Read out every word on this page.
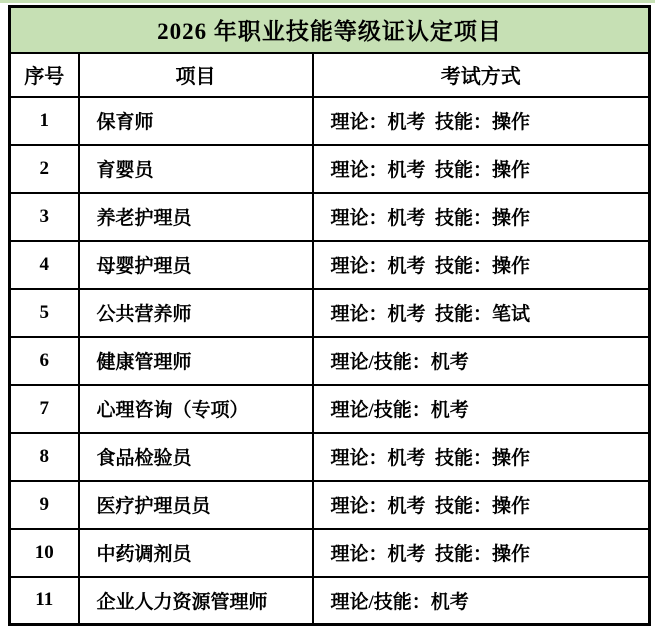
2026 年职业技能等级证认定项目		
序号	项目	考试方式
1	保育师	理论：机考  技能：操作
2	育婴员	理论：机考  技能：操作
3	养老护理员	理论：机考  技能：操作
4	母婴护理员	理论：机考  技能：操作
5	公共营养师	理论：机考  技能：笔试
6	健康管理师	理论/技能：机考
7	心理咨询（专项）	理论/技能：机考
8	食品检验员	理论：机考  技能：操作
9	医疗护理员员	理论：机考  技能：操作
10	中药调剂员	理论：机考  技能：操作
11	企业人力资源管理师	理论/技能：机考
